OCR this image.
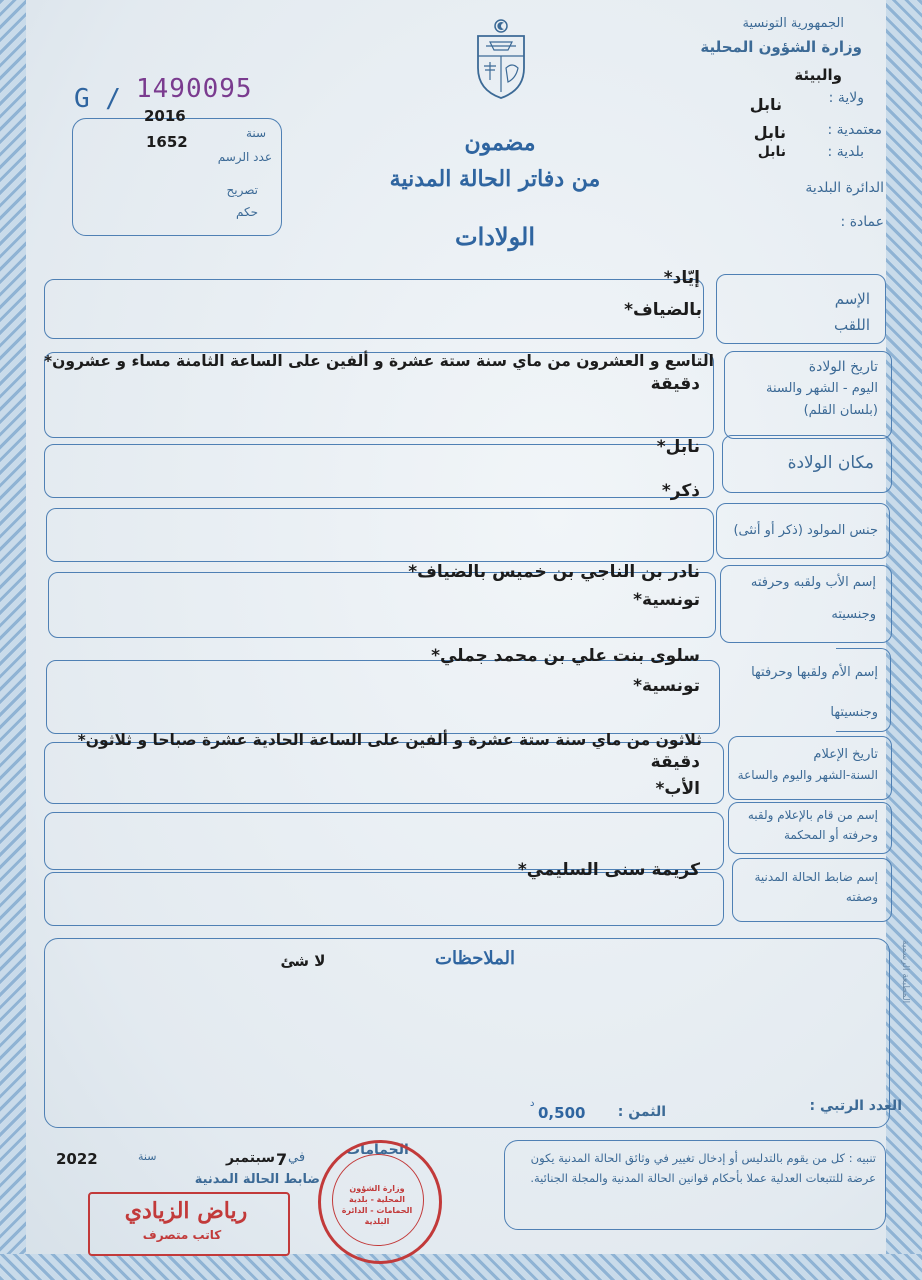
الجمهورية التونسية
وزارة الشؤون المحلية
والبيئة
ولاية :
نابل
معتمدية :
نابل
بلدية :
نابل
الدائرة البلدية
عمادة :
G / 1490095
2016
سنة
1652
عدد الرسم
تصريح
حكم
مضمون
من دفاتر الحالة المدنية
الولادات
الإسم
اللقب
إيّاد*
بالضياف*
تاريخ الولادة
اليوم - الشهر والسنة
(بلسان القلم)
التاسع و العشرون من ماي سنة ستة عشرة و ألفين على الساعة الثامنة مساء و عشرون*
دقيقة
مكان الولادة
نابل*
جنس المولود (ذكر أو أنثى)
ذكر*
إسم الأب ولقبه وحرفته
وجنسيته
نادر بن الناجي بن خميس بالضياف*
تونسية*
إسم الأم ولقبها وحرفتها
وجنسيتها
سلوى بنت علي بن محمد جملي*
تونسية*
تاريخ الإعلام
السنة-الشهر واليوم والساعة
ثلاثون من ماي سنة ستة عشرة و ألفين على الساعة الحادية عشرة صباحا و ثلاثون*
دقيقة
إسم من قام بالإعلام ولقبه
وحرفته أو المحكمة
الأب*
إسم ضابط الحالة المدنية
وصفته
كريمة سنى السليمي*
الملاحظات
لا شئ	المطبعة الرسمية
العدد الرتبي :
الثمن :
0,500
د
الحمامات
في
7
سبتمبر
سنة
2022
ضابط الحالة المدنية
تنبيه : كل من يقوم بالتدليس أو إدخال تغيير في وثائق الحالة المدنية يكون عرضة للتتبعات العدلية عملا بأحكام قوانين الحالة المدنية والمجلة الجنائية.
رياض الزيادي
كاتب متصرف
وزارة الشؤون المحلية - بلدية الحمامات - الدائرة البلدية
